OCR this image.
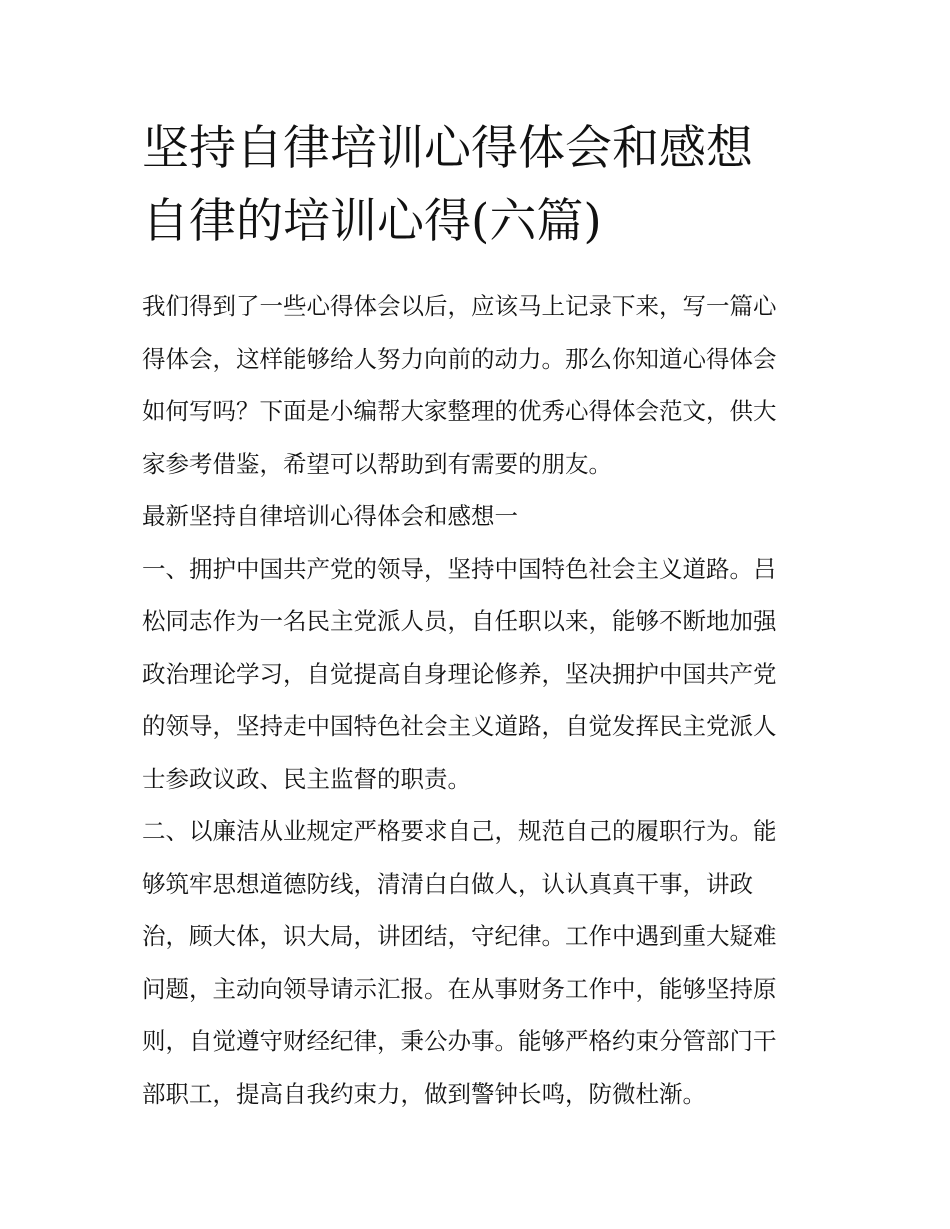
坚持自律培训心得体会和感想
自律的培训心得(六篇)

我们得到了一些心得体会以后，应该马上记录下来，写一篇心
得体会，这样能够给人努力向前的动力。那么你知道心得体会
如何写吗？下面是小编帮大家整理的优秀心得体会范文，供大
家参考借鉴，希望可以帮助到有需要的朋友。

最新坚持自律培训心得体会和感想一

一、拥护中国共产党的领导，坚持中国特色社会主义道路。吕
松同志作为一名民主党派人员，自任职以来，能够不断地加强
政治理论学习，自觉提高自身理论修养，坚决拥护中国共产党
的领导，坚持走中国特色社会主义道路，自觉发挥民主党派人
士参政议政、民主监督的职责。

二、以廉洁从业规定严格要求自己，规范自己的履职行为。能
够筑牢思想道德防线，清清白白做人，认认真真干事，讲政
治，顾大体，识大局，讲团结，守纪律。工作中遇到重大疑难
问题，主动向领导请示汇报。在从事财务工作中，能够坚持原
则，自觉遵守财经纪律，秉公办事。能够严格约束分管部门干
部职工，提高自我约束力，做到警钟长鸣，防微杜渐。
